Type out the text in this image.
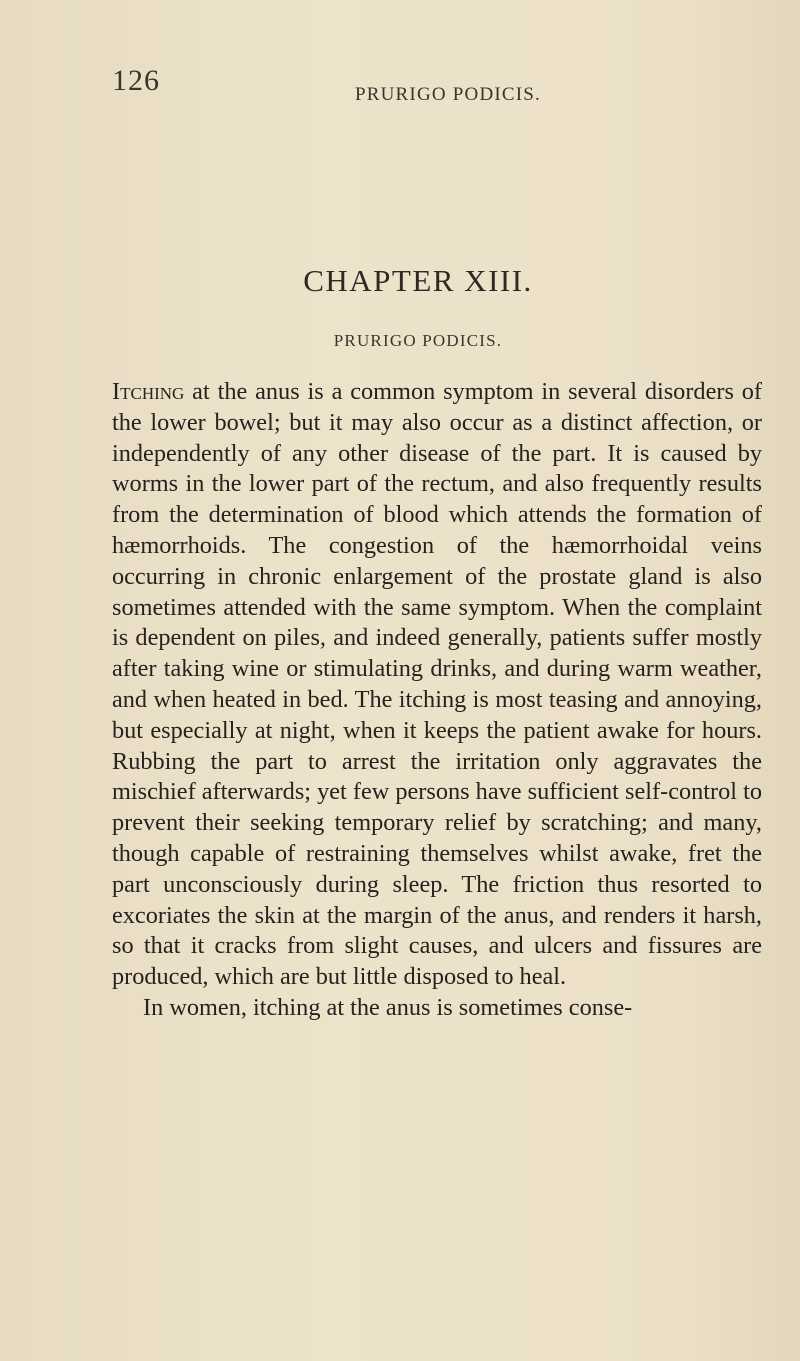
126	PRURIGO PODICIS.
CHAPTER XIII.
PRURIGO PODICIS.

Itching at the anus is a common symptom in several disorders of the lower bowel; but it may also occur as a distinct affection, or independently of any other disease of the part. It is caused by worms in the lower part of the rectum, and also frequently results from the determination of blood which attends the formation of hæmorrhoids. The congestion of the hæmorrhoidal veins occurring in chronic enlargement of the prostate gland is also sometimes attended with the same symptom. When the complaint is dependent on piles, and indeed generally, patients suffer mostly after taking wine or stimulating drinks, and during warm weather, and when heated in bed. The itching is most teasing and annoying, but especially at night, when it keeps the patient awake for hours. Rubbing the part to arrest the irritation only aggravates the mischief afterwards; yet few persons have sufficient self-control to prevent their seeking temporary relief by scratching; and many, though capable of restraining themselves whilst awake, fret the part unconsciously during sleep. The friction thus resorted to excoriates the skin at the margin of the anus, and renders it harsh, so that it cracks from slight causes, and ulcers and fissures are produced, which are but little disposed to heal.

In women, itching at the anus is sometimes conse-
